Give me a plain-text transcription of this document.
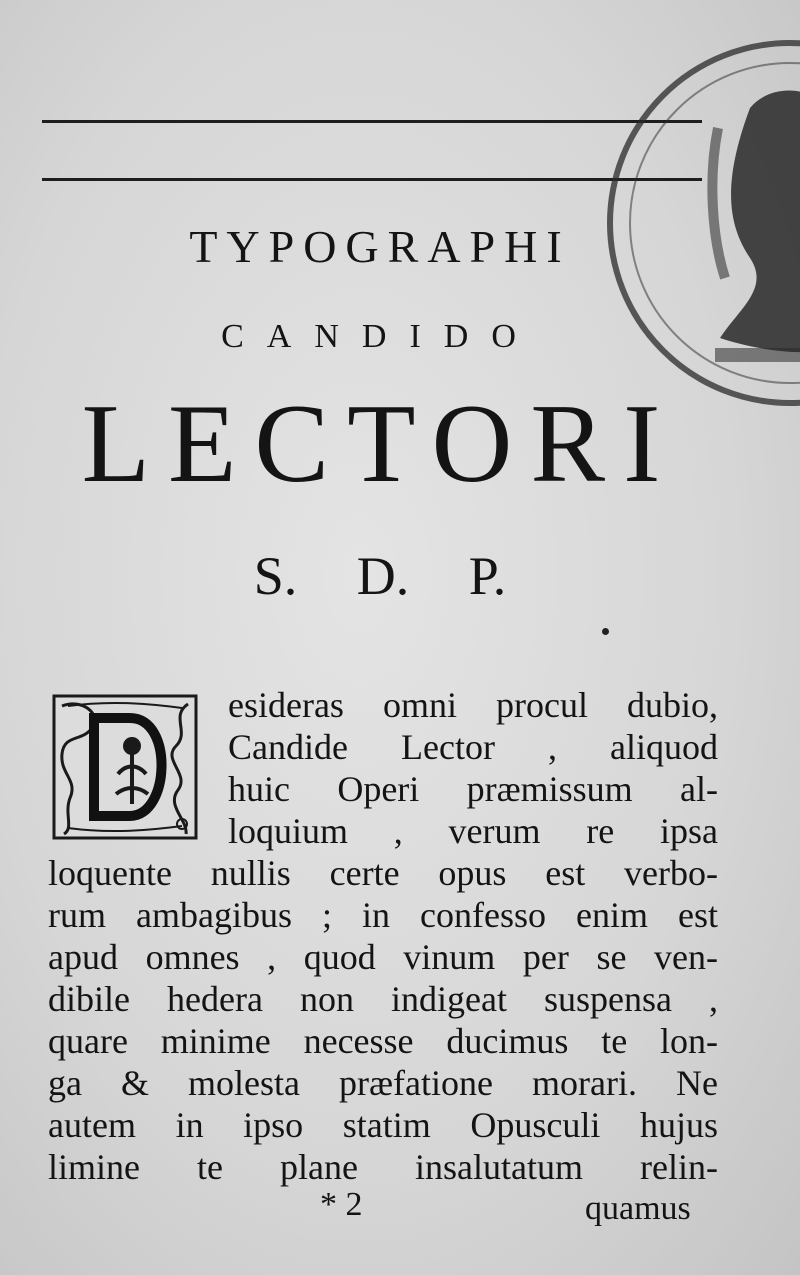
TYPOGRAPHI
CANDIDO
LECTORI
S. D. P.
esideras omni procul dubio,
Candide Lector , aliquod
huic Operi præmissum al-
loquium , verum re ipsa
loquente nullis certe opus est verbo-
rum ambagibus ; in confesso enim est
apud omnes , quod vinum per se ven-
dibile hedera non indigeat suspensa ,
quare minime necesse ducimus te lon-
ga & molesta præfatione morari. Ne
autem in ipso statim Opusculi hujus
limine te plane insalutatum relin-
* 2	quamus
